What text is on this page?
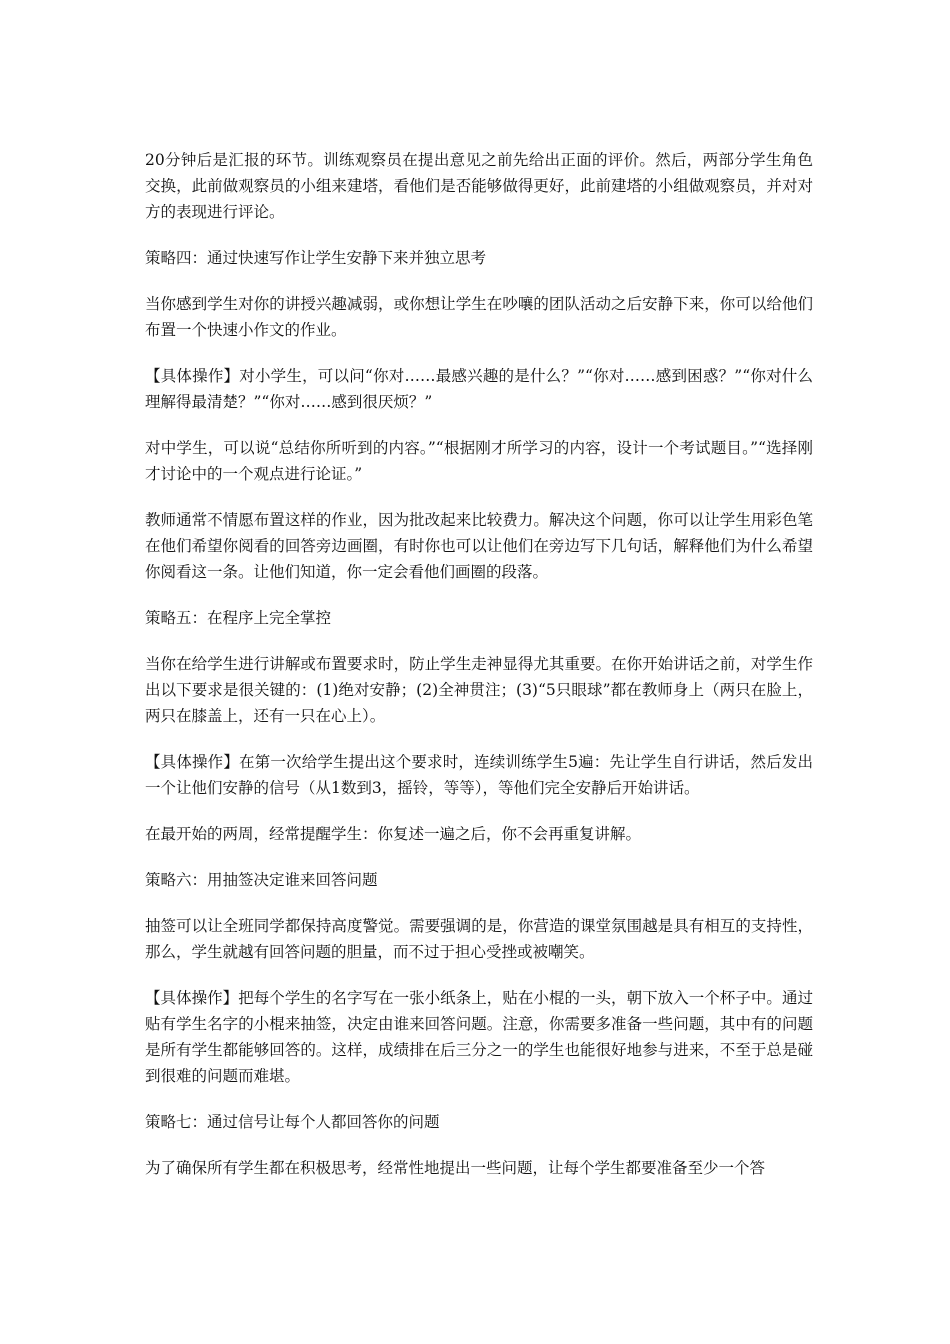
20分钟后是汇报的环节。训练观察员在提出意见之前先给出正面的评价。然后，两部分学生角色交换，此前做观察员的小组来建塔，看他们是否能够做得更好，此前建塔的小组做观察员，并对对方的表现进行评论。

策略四：通过快速写作让学生安静下来并独立思考

当你感到学生对你的讲授兴趣减弱，或你想让学生在吵嚷的团队活动之后安静下来，你可以给他们布置一个快速小作文的作业。

【具体操作】对小学生，可以问“你对……最感兴趣的是什么？”“你对……感到困惑？”“你对什么理解得最清楚？”“你对……感到很厌烦？”

对中学生，可以说“总结你所听到的内容。”“根据刚才所学习的内容，设计一个考试题目。”“选择刚才讨论中的一个观点进行论证。”

教师通常不情愿布置这样的作业，因为批改起来比较费力。解决这个问题，你可以让学生用彩色笔在他们希望你阅看的回答旁边画圈，有时你也可以让他们在旁边写下几句话，解释他们为什么希望你阅看这一条。让他们知道，你一定会看他们画圈的段落。

策略五：在程序上完全掌控

当你在给学生进行讲解或布置要求时，防止学生走神显得尤其重要。在你开始讲话之前，对学生作出以下要求是很关键的：(1)绝对安静；(2)全神贯注；(3)“5只眼球”都在教师身上（两只在脸上，两只在膝盖上，还有一只在心上）。

【具体操作】在第一次给学生提出这个要求时，连续训练学生5遍：先让学生自行讲话，然后发出一个让他们安静的信号（从1数到3，摇铃，等等），等他们完全安静后开始讲话。

在最开始的两周，经常提醒学生：你复述一遍之后，你不会再重复讲解。

策略六：用抽签决定谁来回答问题

抽签可以让全班同学都保持高度警觉。需要强调的是，你营造的课堂氛围越是具有相互的支持性，那么，学生就越有回答问题的胆量，而不过于担心受挫或被嘲笑。

【具体操作】把每个学生的名字写在一张小纸条上，贴在小棍的一头，朝下放入一个杯子中。通过贴有学生名字的小棍来抽签，决定由谁来回答问题。注意，你需要多准备一些问题，其中有的问题是所有学生都能够回答的。这样，成绩排在后三分之一的学生也能很好地参与进来，不至于总是碰到很难的问题而难堪。

策略七：通过信号让每个人都回答你的问题

为了确保所有学生都在积极思考，经常性地提出一些问题，让每个学生都要准备至少一个答
